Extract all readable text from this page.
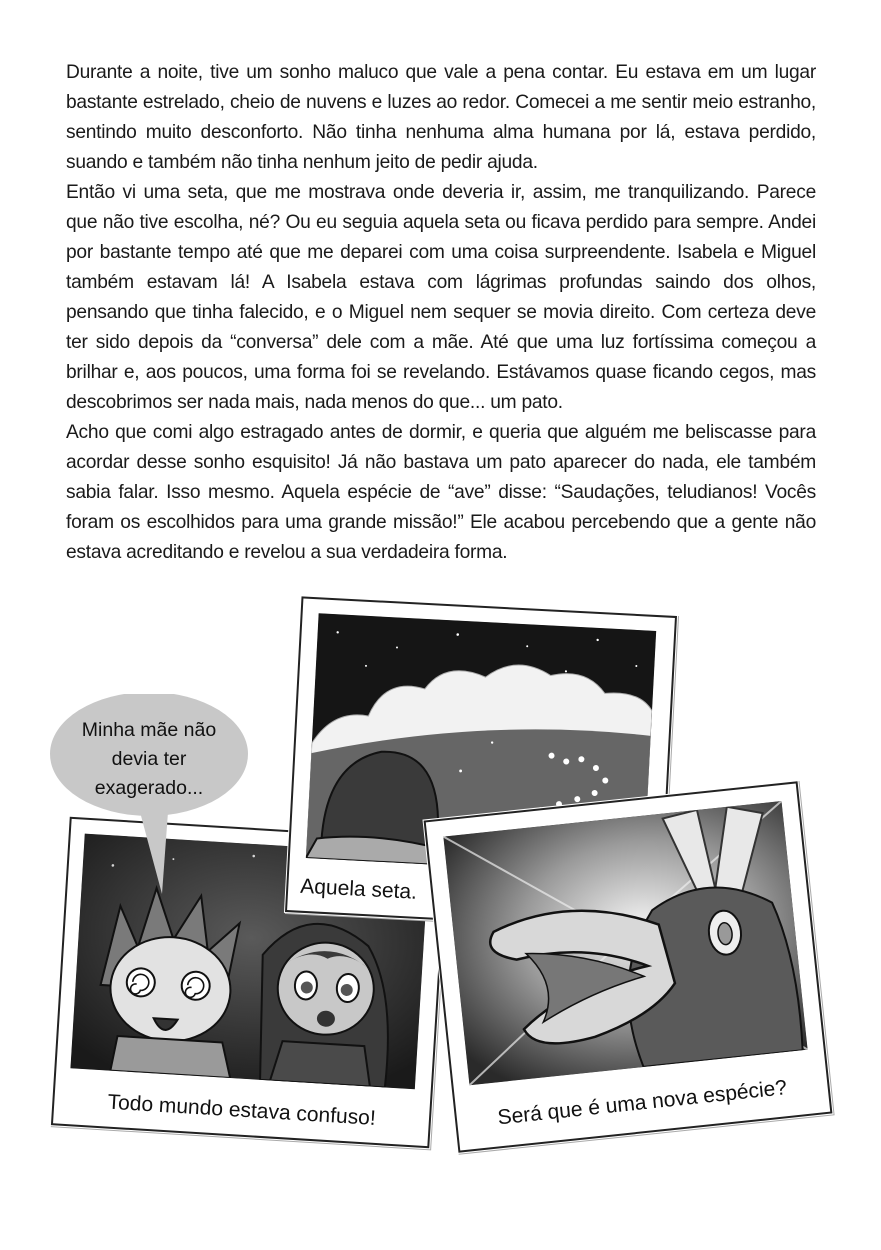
Durante a noite, tive um sonho maluco que vale a pena contar. Eu estava em um lugar bastante estrelado, cheio de nuvens e luzes ao redor. Comecei a me sentir meio estranho, sentindo muito desconforto. Não tinha nenhuma alma humana por lá, estava perdido, suando e também não tinha nenhum jeito de pedir ajuda.

Então vi uma seta, que me mostrava onde deveria ir, assim, me tranquilizando. Parece que não tive escolha, né? Ou eu seguia aquela seta ou ficava perdido para sempre. Andei por bastante tempo até que me deparei com uma coisa surpreendente. Isabela e Miguel também estavam lá! A Isabela estava com lágrimas profundas saindo dos olhos, pensando que tinha falecido, e o Miguel nem sequer se movia direito. Com certeza deve ter sido depois da “conversa” dele com a mãe. Até que uma luz fortíssima começou a brilhar e, aos poucos, uma forma foi se revelando. Estávamos quase ficando cegos, mas descobrimos ser nada mais, nada menos do que... um pato.

Acho que comi algo estragado antes de dormir, e queria que alguém me beliscasse para acordar desse sonho esquisito! Já não bastava um pato aparecer do nada, ele também sabia falar. Isso mesmo. Aquela espécie de “ave” disse: “Saudações, teludianos! Vocês foram os escolhidos para uma grande missão!” Ele acabou percebendo que a gente não estava acreditando e revelou a sua verdadeira forma.

Todo mundo estava confuso!
Aquela seta.
Será que é uma nova espécie?
Minha mãe não
devia ter
exagerado...
